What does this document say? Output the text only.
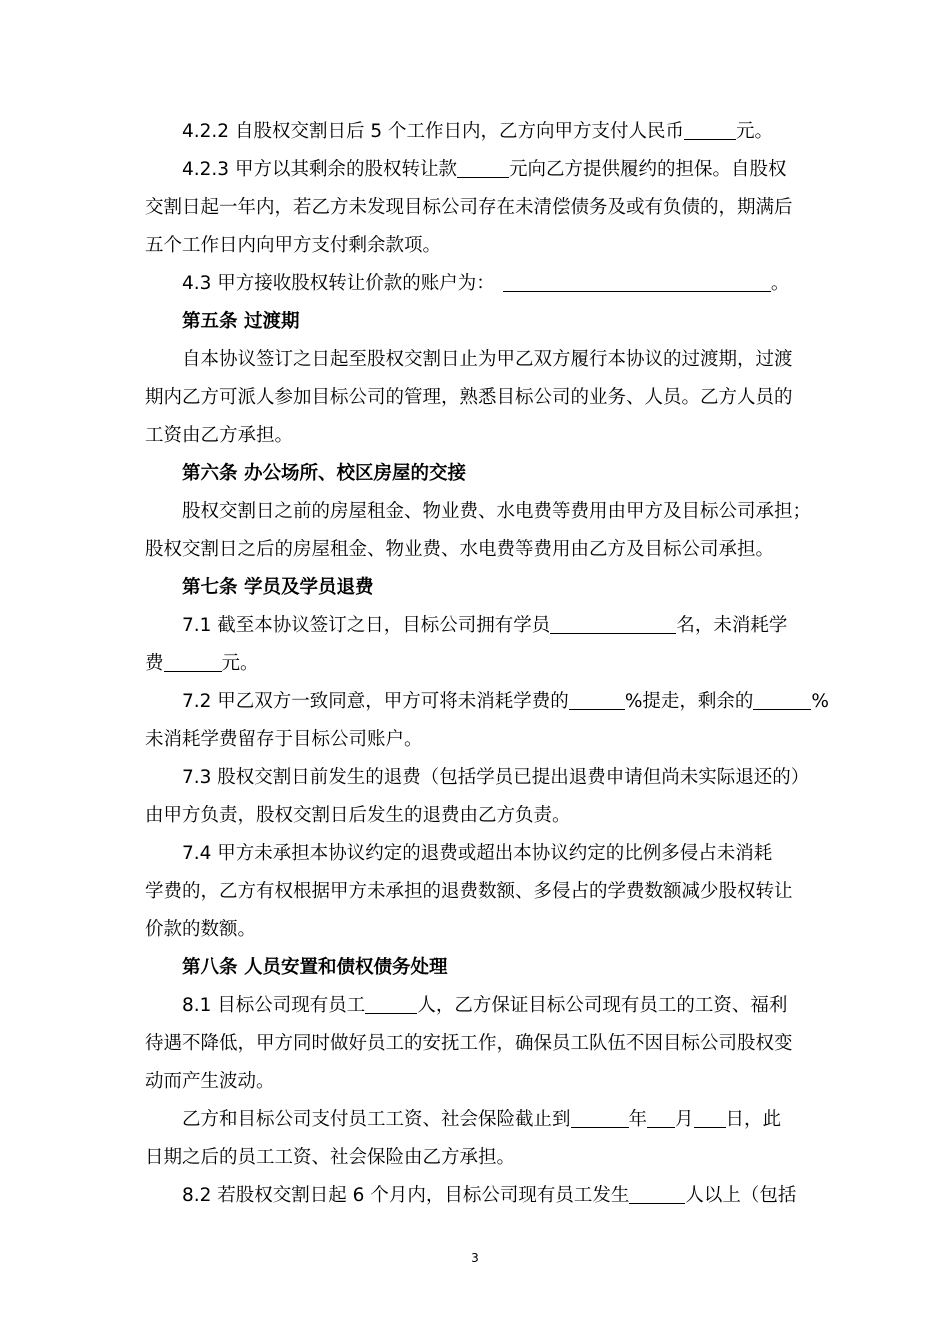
4.2.2 自股权交割日后 5 个工作日内，乙方向甲方支付人民币	元。
4.2.3 甲方以其剩余的股权转让款	元向乙方提供履约的担保。自股权
交割日起一年内，若乙方未发现目标公司存在未清偿债务及或有负债的，期满后
五个工作日内向甲方支付剩余款项。
4.3 甲方接收股权转让价款的账户为：	。
第五条 过渡期
自本协议签订之日起至股权交割日止为甲乙双方履行本协议的过渡期，过渡
期内乙方可派人参加目标公司的管理，熟悉目标公司的业务、人员。乙方人员的
工资由乙方承担。
第六条 办公场所、校区房屋的交接
股权交割日之前的房屋租金、物业费、水电费等费用由甲方及目标公司承担；
股权交割日之后的房屋租金、物业费、水电费等费用由乙方及目标公司承担。
第七条 学员及学员退费
7.1 截至本协议签订之日，目标公司拥有学员	名，未消耗学
费	元。
7.2 甲乙双方一致同意，甲方可将未消耗学费的	%提走，剩余的	%
未消耗学费留存于目标公司账户。
7.3 股权交割日前发生的退费（包括学员已提出退费申请但尚未实际退还的）
由甲方负责，股权交割日后发生的退费由乙方负责。
7.4 甲方未承担本协议约定的退费或超出本协议约定的比例多侵占未消耗
学费的，乙方有权根据甲方未承担的退费数额、多侵占的学费数额减少股权转让
价款的数额。
第八条 人员安置和债权债务处理
8.1 目标公司现有员工	人，乙方保证目标公司现有员工的工资、福利
待遇不降低，甲方同时做好员工的安抚工作，确保员工队伍不因目标公司股权变
动而产生波动。
乙方和目标公司支付员工工资、社会保险截止到	年 月 日，此
日期之后的员工工资、社会保险由乙方承担。
8.2 若股权交割日起 6 个月内，目标公司现有员工发生	人以上（包括
3
